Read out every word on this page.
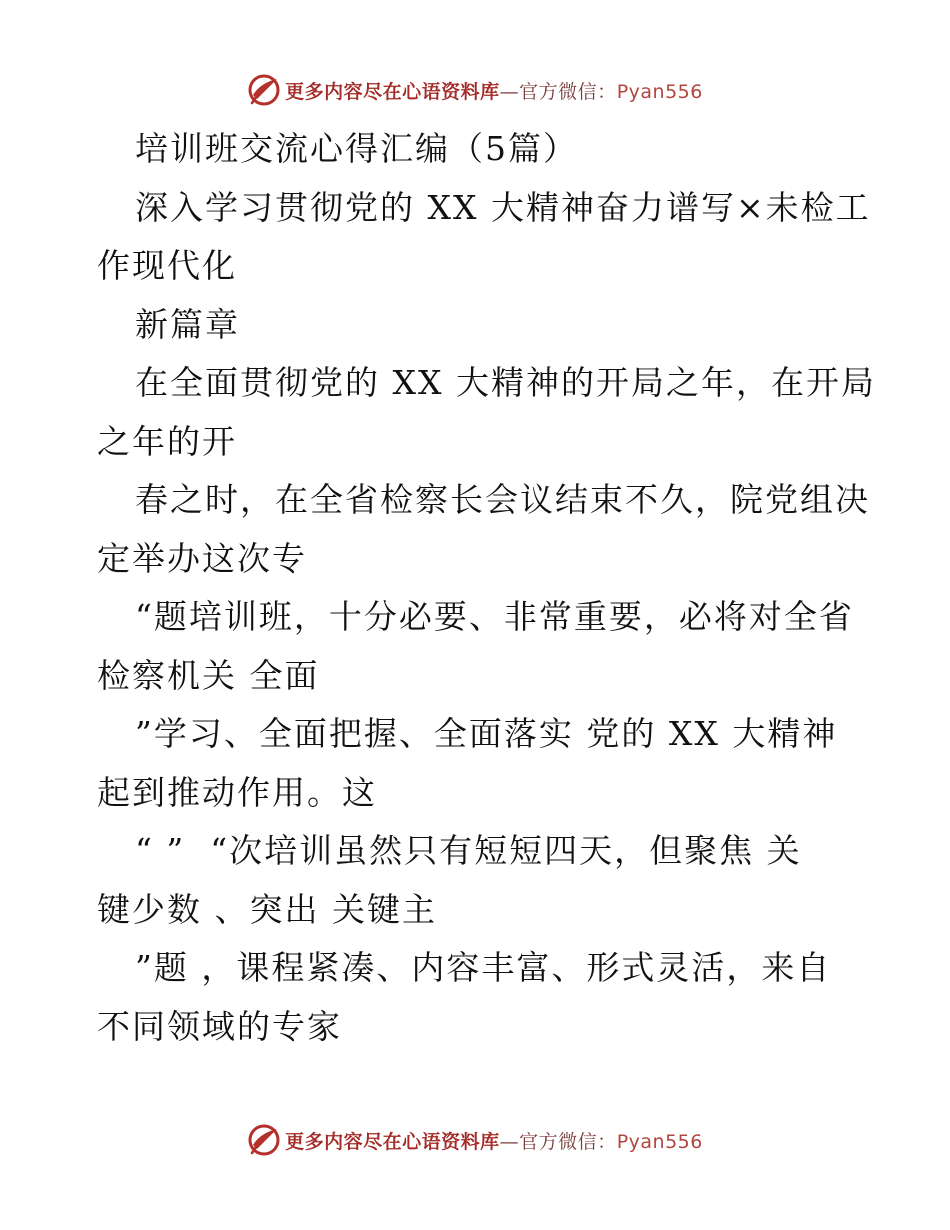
更多内容尽在心语资料库—官方微信：Pyan556
培训班交流心得汇编（5篇）
深入学习贯彻党的 XX 大精神奋力谱写×未检工
作现代化
新篇章
在全面贯彻党的 XX 大精神的开局之年，在开局
之年的开
春之时，在全省检察长会议结束不久，院党组决
定举办这次专
“题培训班，十分必要、非常重要，必将对全省
检察机关 全面
”学习、全面把握、全面落实 党的 XX 大精神
起到推动作用。这
“ ”  “次培训虽然只有短短四天，但聚焦 关
键少数 、突出 关键主
”题 ，课程紧凑、内容丰富、形式灵活，来自
不同领域的专家
更多内容尽在心语资料库—官方微信：Pyan556
